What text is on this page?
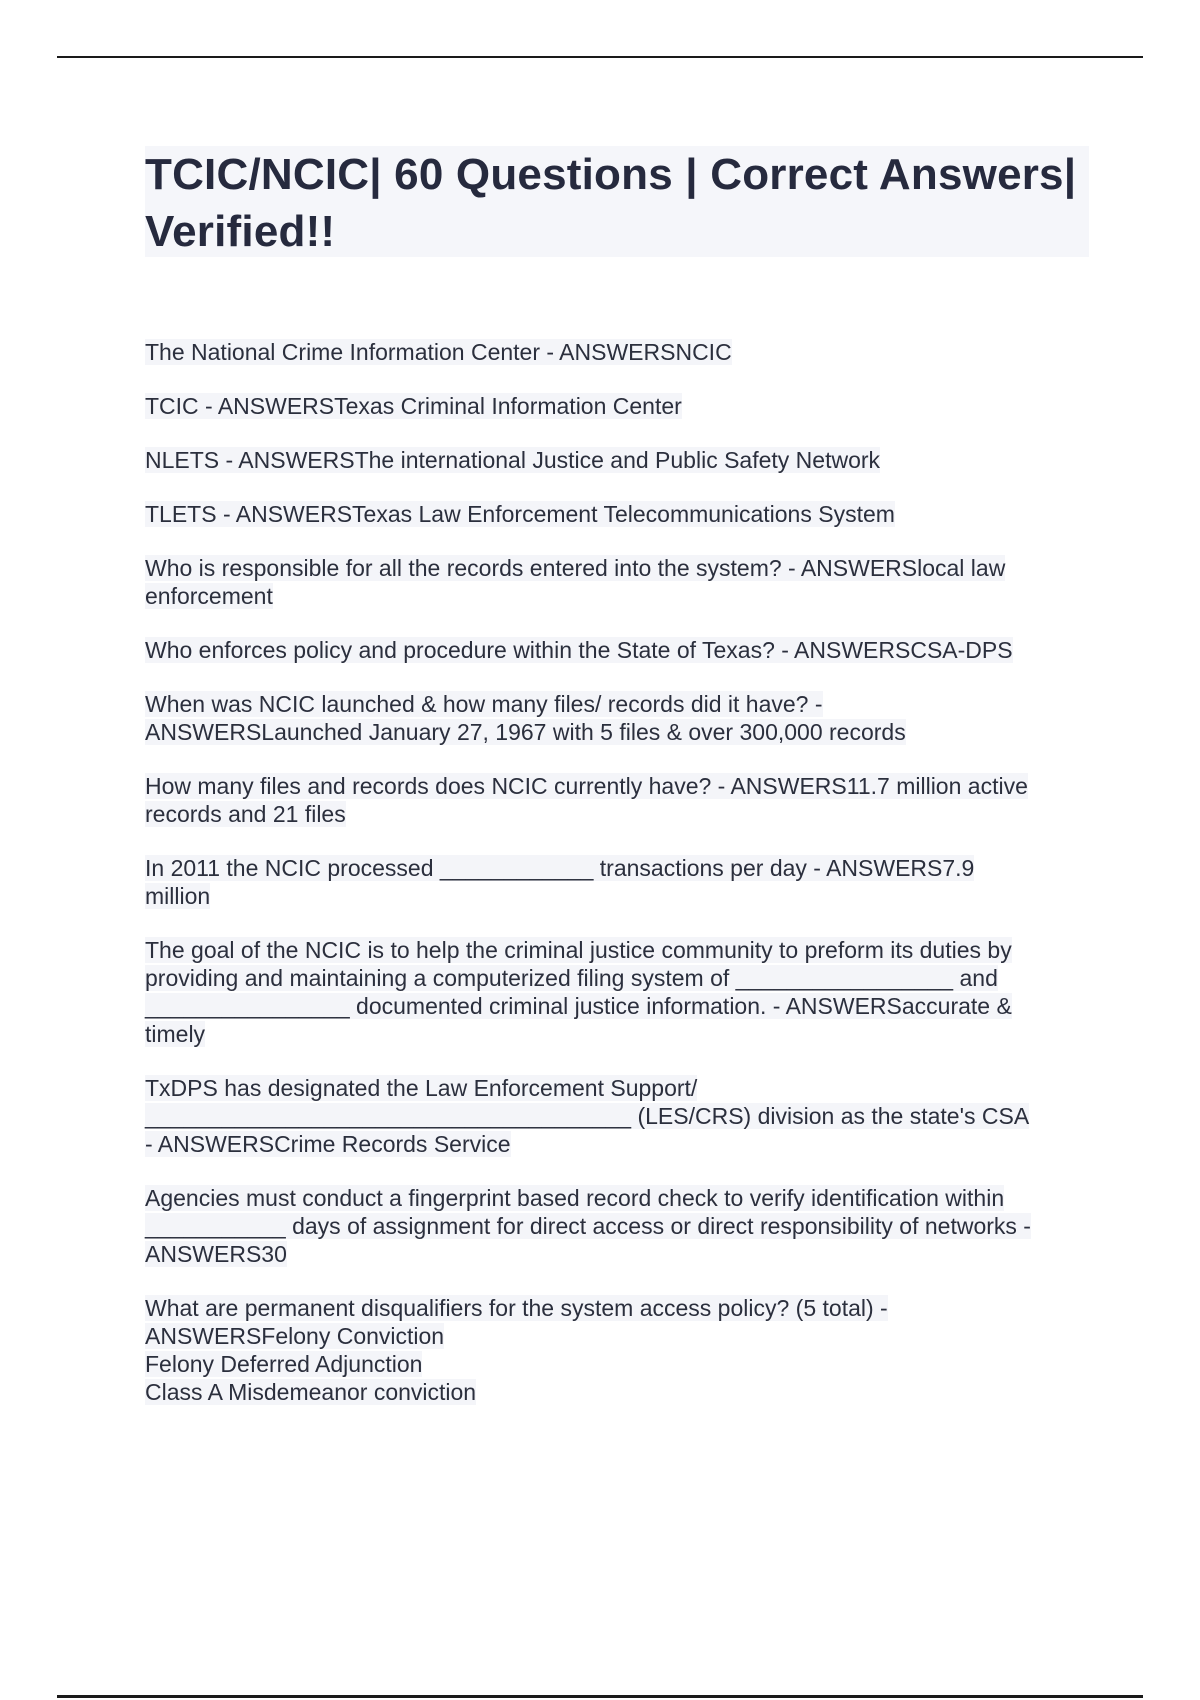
TCIC/NCIC| 60 Questions | Correct Answers| Verified!!

The National Crime Information Center - ANSWERSNCIC

TCIC - ANSWERSTexas Criminal Information Center

NLETS - ANSWERSThe international Justice and Public Safety Network

TLETS - ANSWERSTexas Law Enforcement Telecommunications System

Who is responsible for all the records entered into the system? - ANSWERSlocal law
enforcement

Who enforces policy and procedure within the State of Texas? - ANSWERSCSA-DPS

When was NCIC launched & how many files/ records did it have? -
ANSWERSLaunched January 27, 1967 with 5 files & over 300,000 records

How many files and records does NCIC currently have? - ANSWERS11.7 million active
records and 21 files

In 2011 the NCIC processed ____________ transactions per day - ANSWERS7.9
million

The goal of the NCIC is to help the criminal justice community to preform its duties by
providing and maintaining a computerized filing system of _________________ and
________________ documented criminal justice information. - ANSWERSaccurate &
timely

TxDPS has designated the Law Enforcement Support/
______________________________________ (LES/CRS) division as the state's CSA
- ANSWERSCrime Records Service

Agencies must conduct a fingerprint based record check to verify identification within
___________ days of assignment for direct access or direct responsibility of networks -
ANSWERS30

What are permanent disqualifiers for the system access policy? (5 total) -
ANSWERSFelony Conviction
Felony Deferred Adjunction
Class A Misdemeanor conviction
